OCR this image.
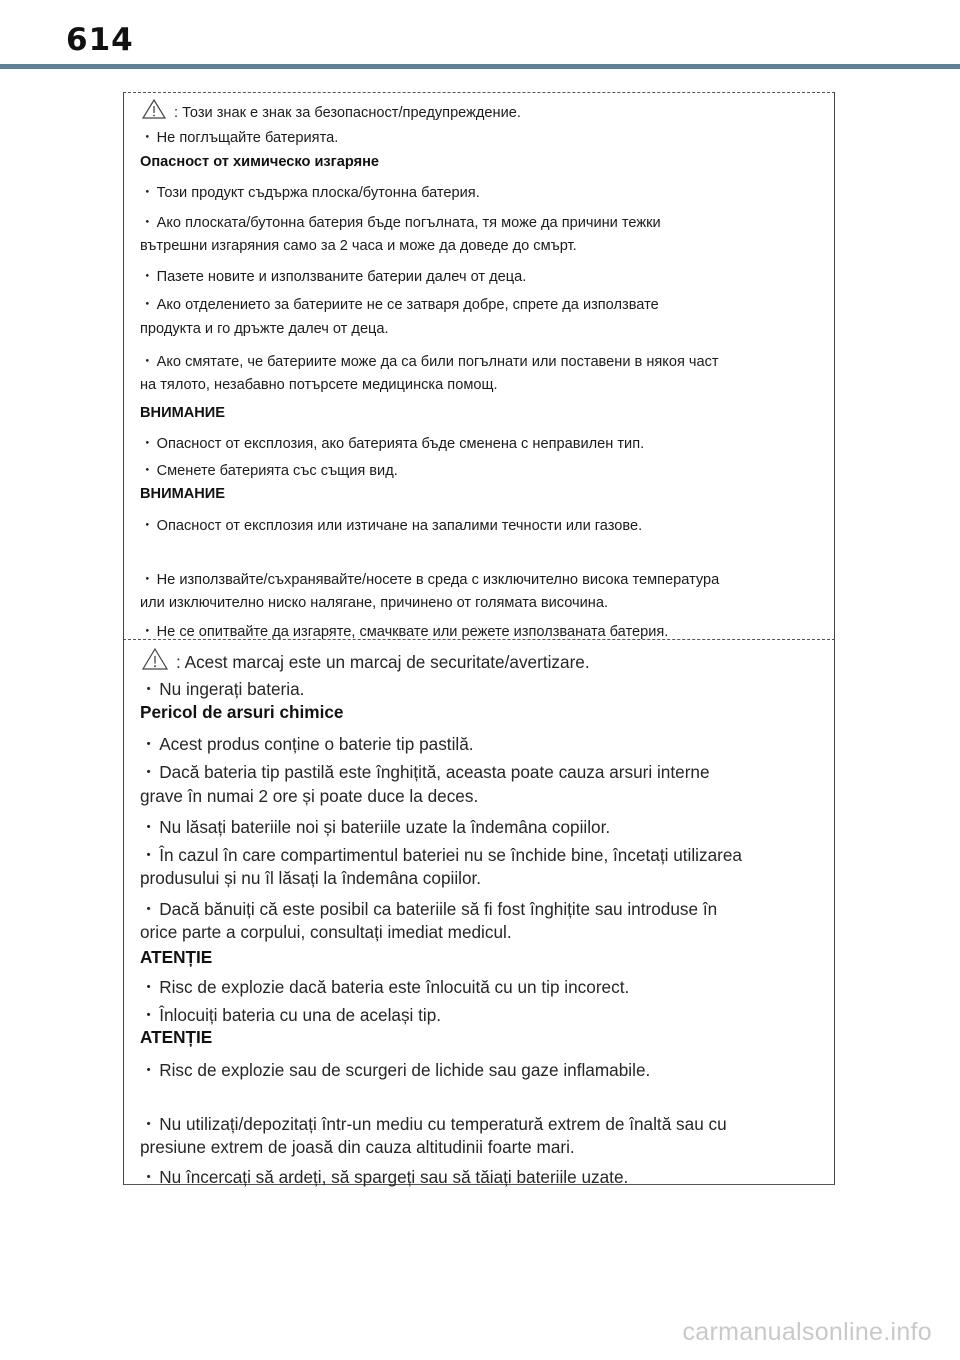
614
: Този знак е знак за безопасност/предупреждение.
・ Не поглъщайте батерията.
Опасност от химическо изгаряне
・ Този продукт съдържа плоска/бутонна батерия.
・ Ако плоската/бутонна батерия бъде погълната, тя може да причини тежки
вътрешни изгаряния само за 2 часа и може да доведе до смърт.
・ Пазете новите и използваните батерии далеч от деца.
・ Ако отделението за батериите не се затваря добре, спрете да използвате
продукта и го дръжте далеч от деца.
・ Ако смятате, че батериите може да са били погълнати или поставени в някоя част
на тялото, незабавно потърсете медицинска помощ.
ВНИМАНИЕ
・ Опасност от експлозия, ако батерията бъде сменена с неправилен тип.
・ Сменете батерията със същия вид.
ВНИМАНИЕ
・ Опасност от експлозия или изтичане на запалими течности или газове.
・ Не използвайте/съхранявайте/носете в среда с изключително висока температура
или изключително ниско налягане, причинено от голямата височина.
・ Не се опитвайте да изгаряте, смачквате или режете използваната батерия.
: Acest marcaj este un marcaj de securitate/avertizare.
・ Nu ingerați bateria.
Pericol de arsuri chimice
・ Acest produs conține o baterie tip pastilă.
・ Dacă bateria tip pastilă este înghițită, aceasta poate cauza arsuri interne
grave în numai 2 ore și poate duce la deces.
・ Nu lăsați bateriile noi și bateriile uzate la îndemâna copiilor.
・ În cazul în care compartimentul bateriei nu se închide bine, încetați utilizarea
produsului și nu îl lăsați la îndemâna copiilor.
・ Dacă bănuiți că este posibil ca bateriile să fi fost înghițite sau introduse în
orice parte a corpului, consultați imediat medicul.
ATENȚIE
・ Risc de explozie dacă bateria este înlocuită cu un tip incorect.
・ Înlocuiți bateria cu una de același tip.
ATENȚIE
・ Risc de explozie sau de scurgeri de lichide sau gaze inflamabile.
・ Nu utilizați/depozitați într-un mediu cu temperatură extrem de înaltă sau cu
presiune extrem de joasă din cauza altitudinii foarte mari.
・ Nu încercați să ardeți, să spargeți sau să tăiați bateriile uzate.
carmanualsonline.info
